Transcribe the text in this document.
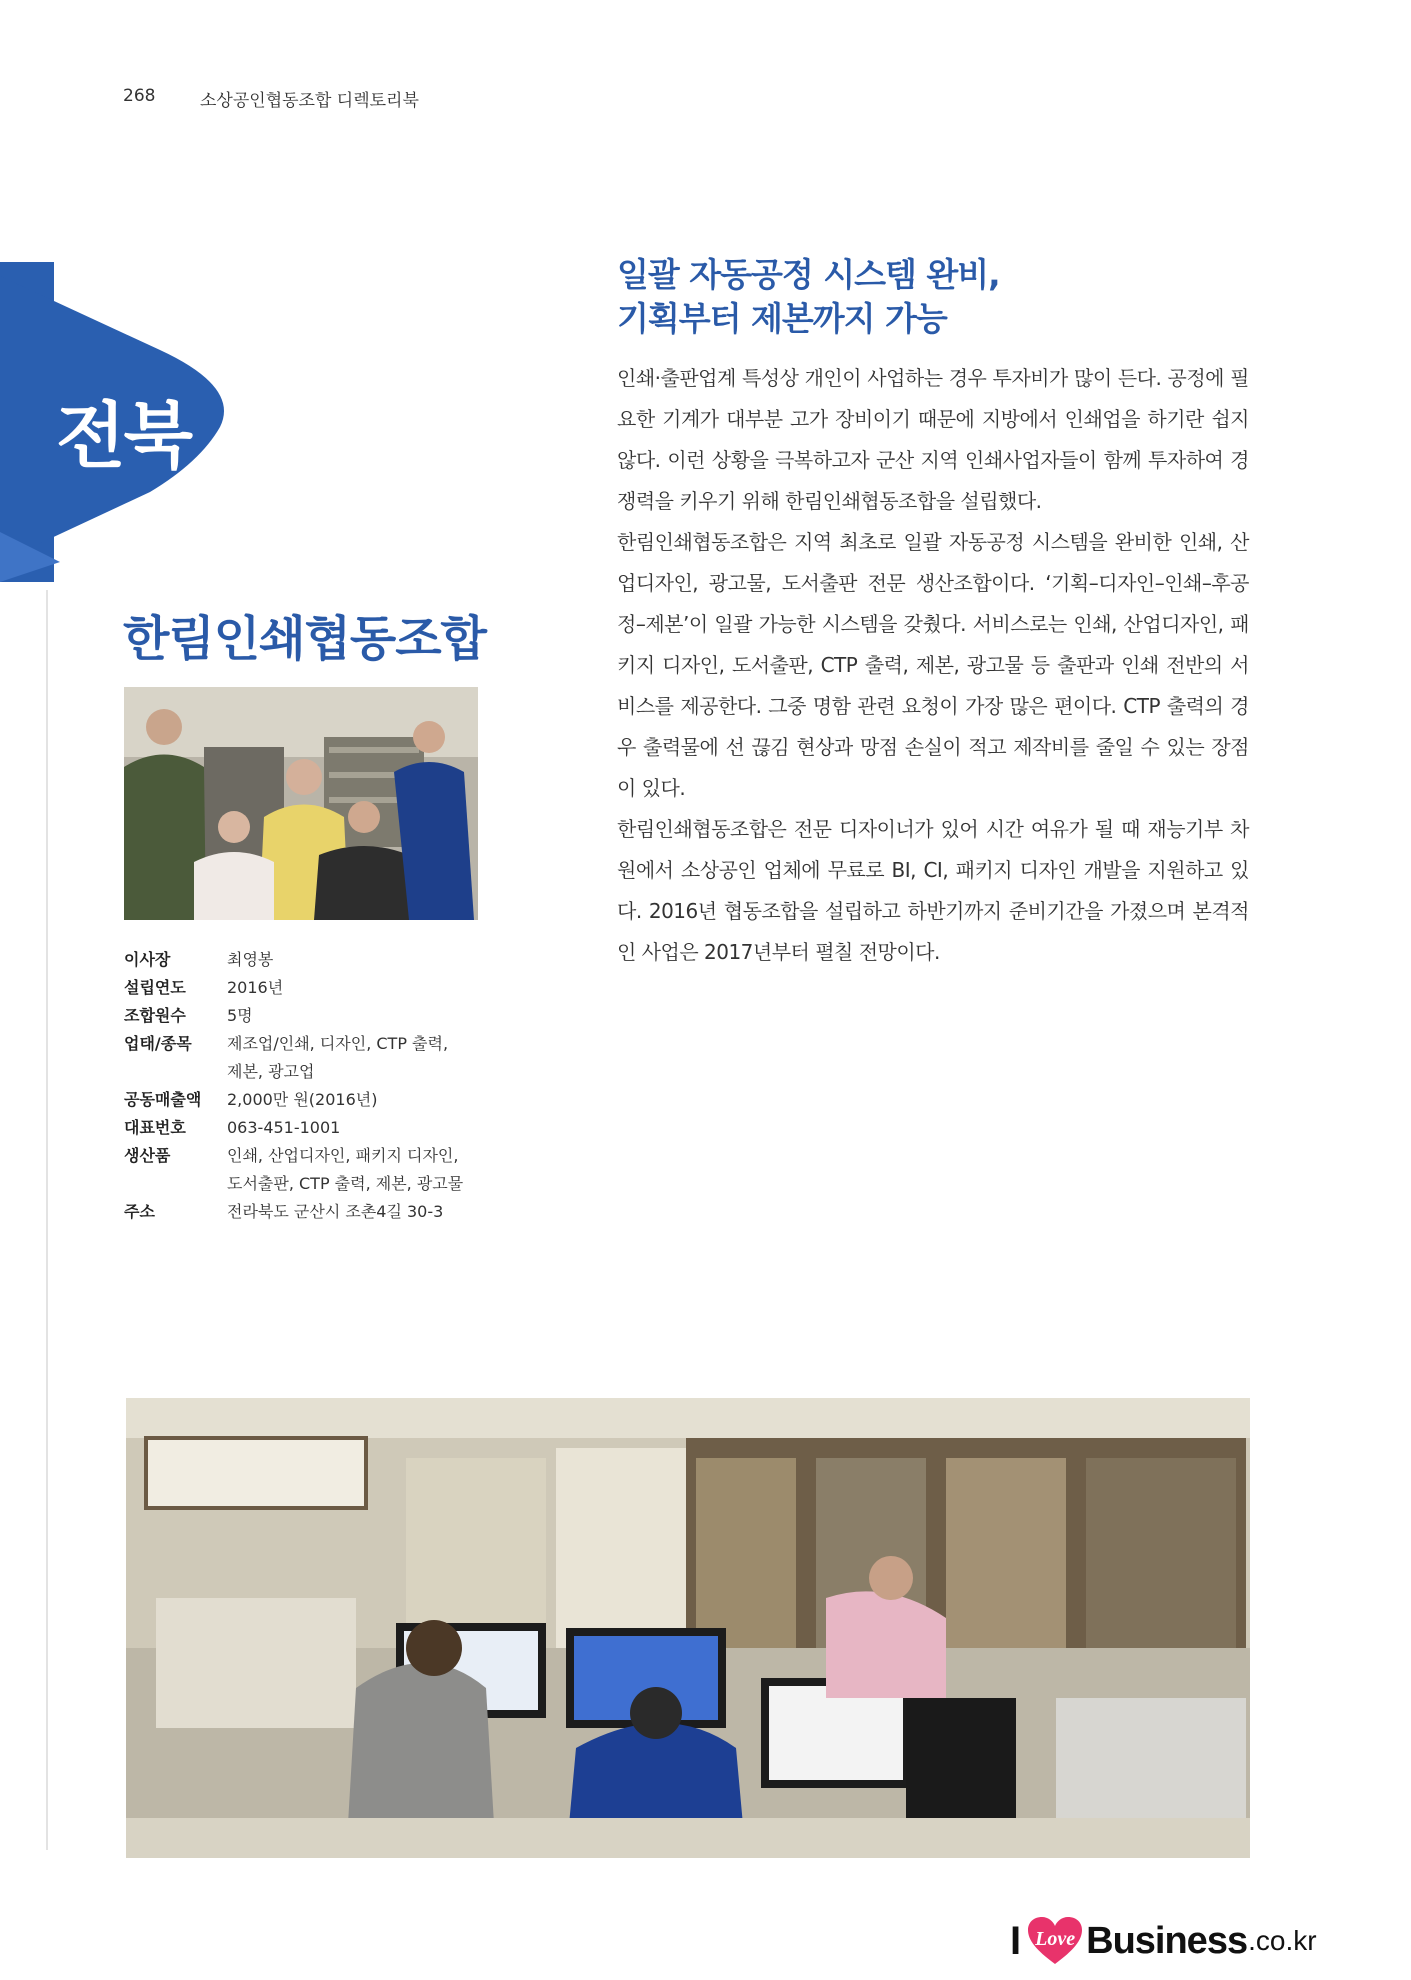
268	소상공인협동조합 디렉토리북
전북
한림인쇄협동조합
이사장	최영봉
설립연도	2016년
조합원수	5명
업태/종목	제조업/인쇄, 디자인, CTP 출력,
제본, 광고업
공동매출액	2,000만 원(2016년)
대표번호	063-451-1001
생산품	인쇄, 산업디자인, 패키지 디자인,
도서출판, CTP 출력, 제본, 광고물
주소	전라북도 군산시 조촌4길 30-3
일괄 자동공정 시스템 완비,
기획부터 제본까지 가능

인쇄·출판업계 특성상 개인이 사업하는 경우 투자비가 많이 든다. 공정에 필요한 기계가 대부분 고가 장비이기 때문에 지방에서 인쇄업을 하기란 쉽지 않다. 이런 상황을 극복하고자 군산 지역 인쇄사업자들이 함께 투자하여 경쟁력을 키우기 위해 한림인쇄협동조합을 설립했다.

한림인쇄협동조합은 지역 최초로 일괄 자동공정 시스템을 완비한 인쇄, 산업디자인, 광고물, 도서출판 전문 생산조합이다. ‘기획–디자인–인쇄–후공정–제본’이 일괄 가능한 시스템을 갖췄다. 서비스로는 인쇄, 산업디자인, 패키지 디자인, 도서출판, CTP 출력, 제본, 광고물 등 출판과 인쇄 전반의 서비스를 제공한다. 그중 명함 관련 요청이 가장 많은 편이다. CTP 출력의 경우 출력물에 선 끊김 현상과 망점 손실이 적고 제작비를 줄일 수 있는 장점이 있다.

한림인쇄협동조합은 전문 디자이너가 있어 시간 여유가 될 때 재능기부 차원에서 소상공인 업체에 무료로 BI, CI, 패키지 디자인 개발을 지원하고 있다. 2016년 협동조합을 설립하고 하반기까지 준비기간을 가졌으며 본격적인 사업은 2017년부터 펼칠 전망이다.

I Love Business .co.kr
